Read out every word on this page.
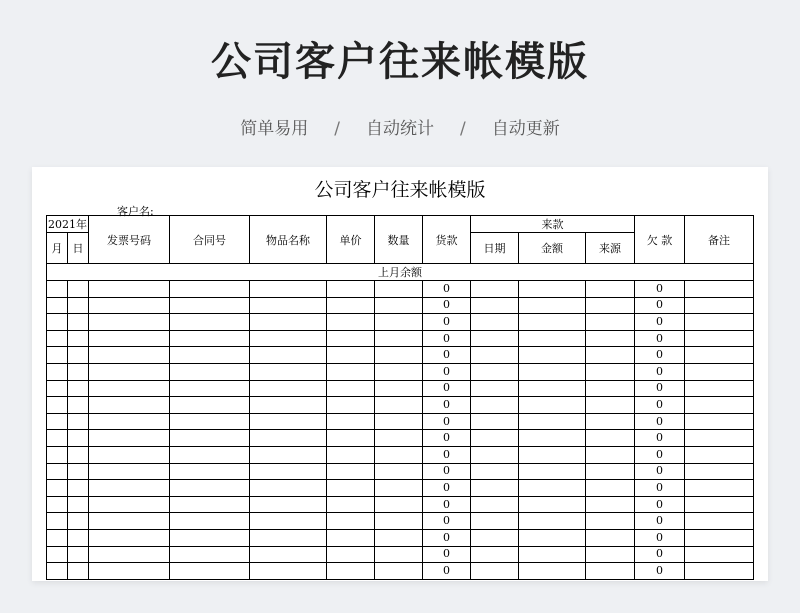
公司客户往来帐模版
简单易用 / 自动统计 / 自动更新
公司客户往来帐模版
客户名:
2021年		发票号码	合同号	物品名称	单价	数量	货款	来款			欠 款	备注
月	日							日期	金额	来源		
上月余额												
							0				0	
							0				0	
							0				0	
							0				0	
							0				0	
							0				0	
							0				0	
							0				0	
							0				0	
							0				0	
							0				0	
							0				0	
							0				0	
							0				0	
							0				0	
							0				0	
							0				0	
							0				0	
